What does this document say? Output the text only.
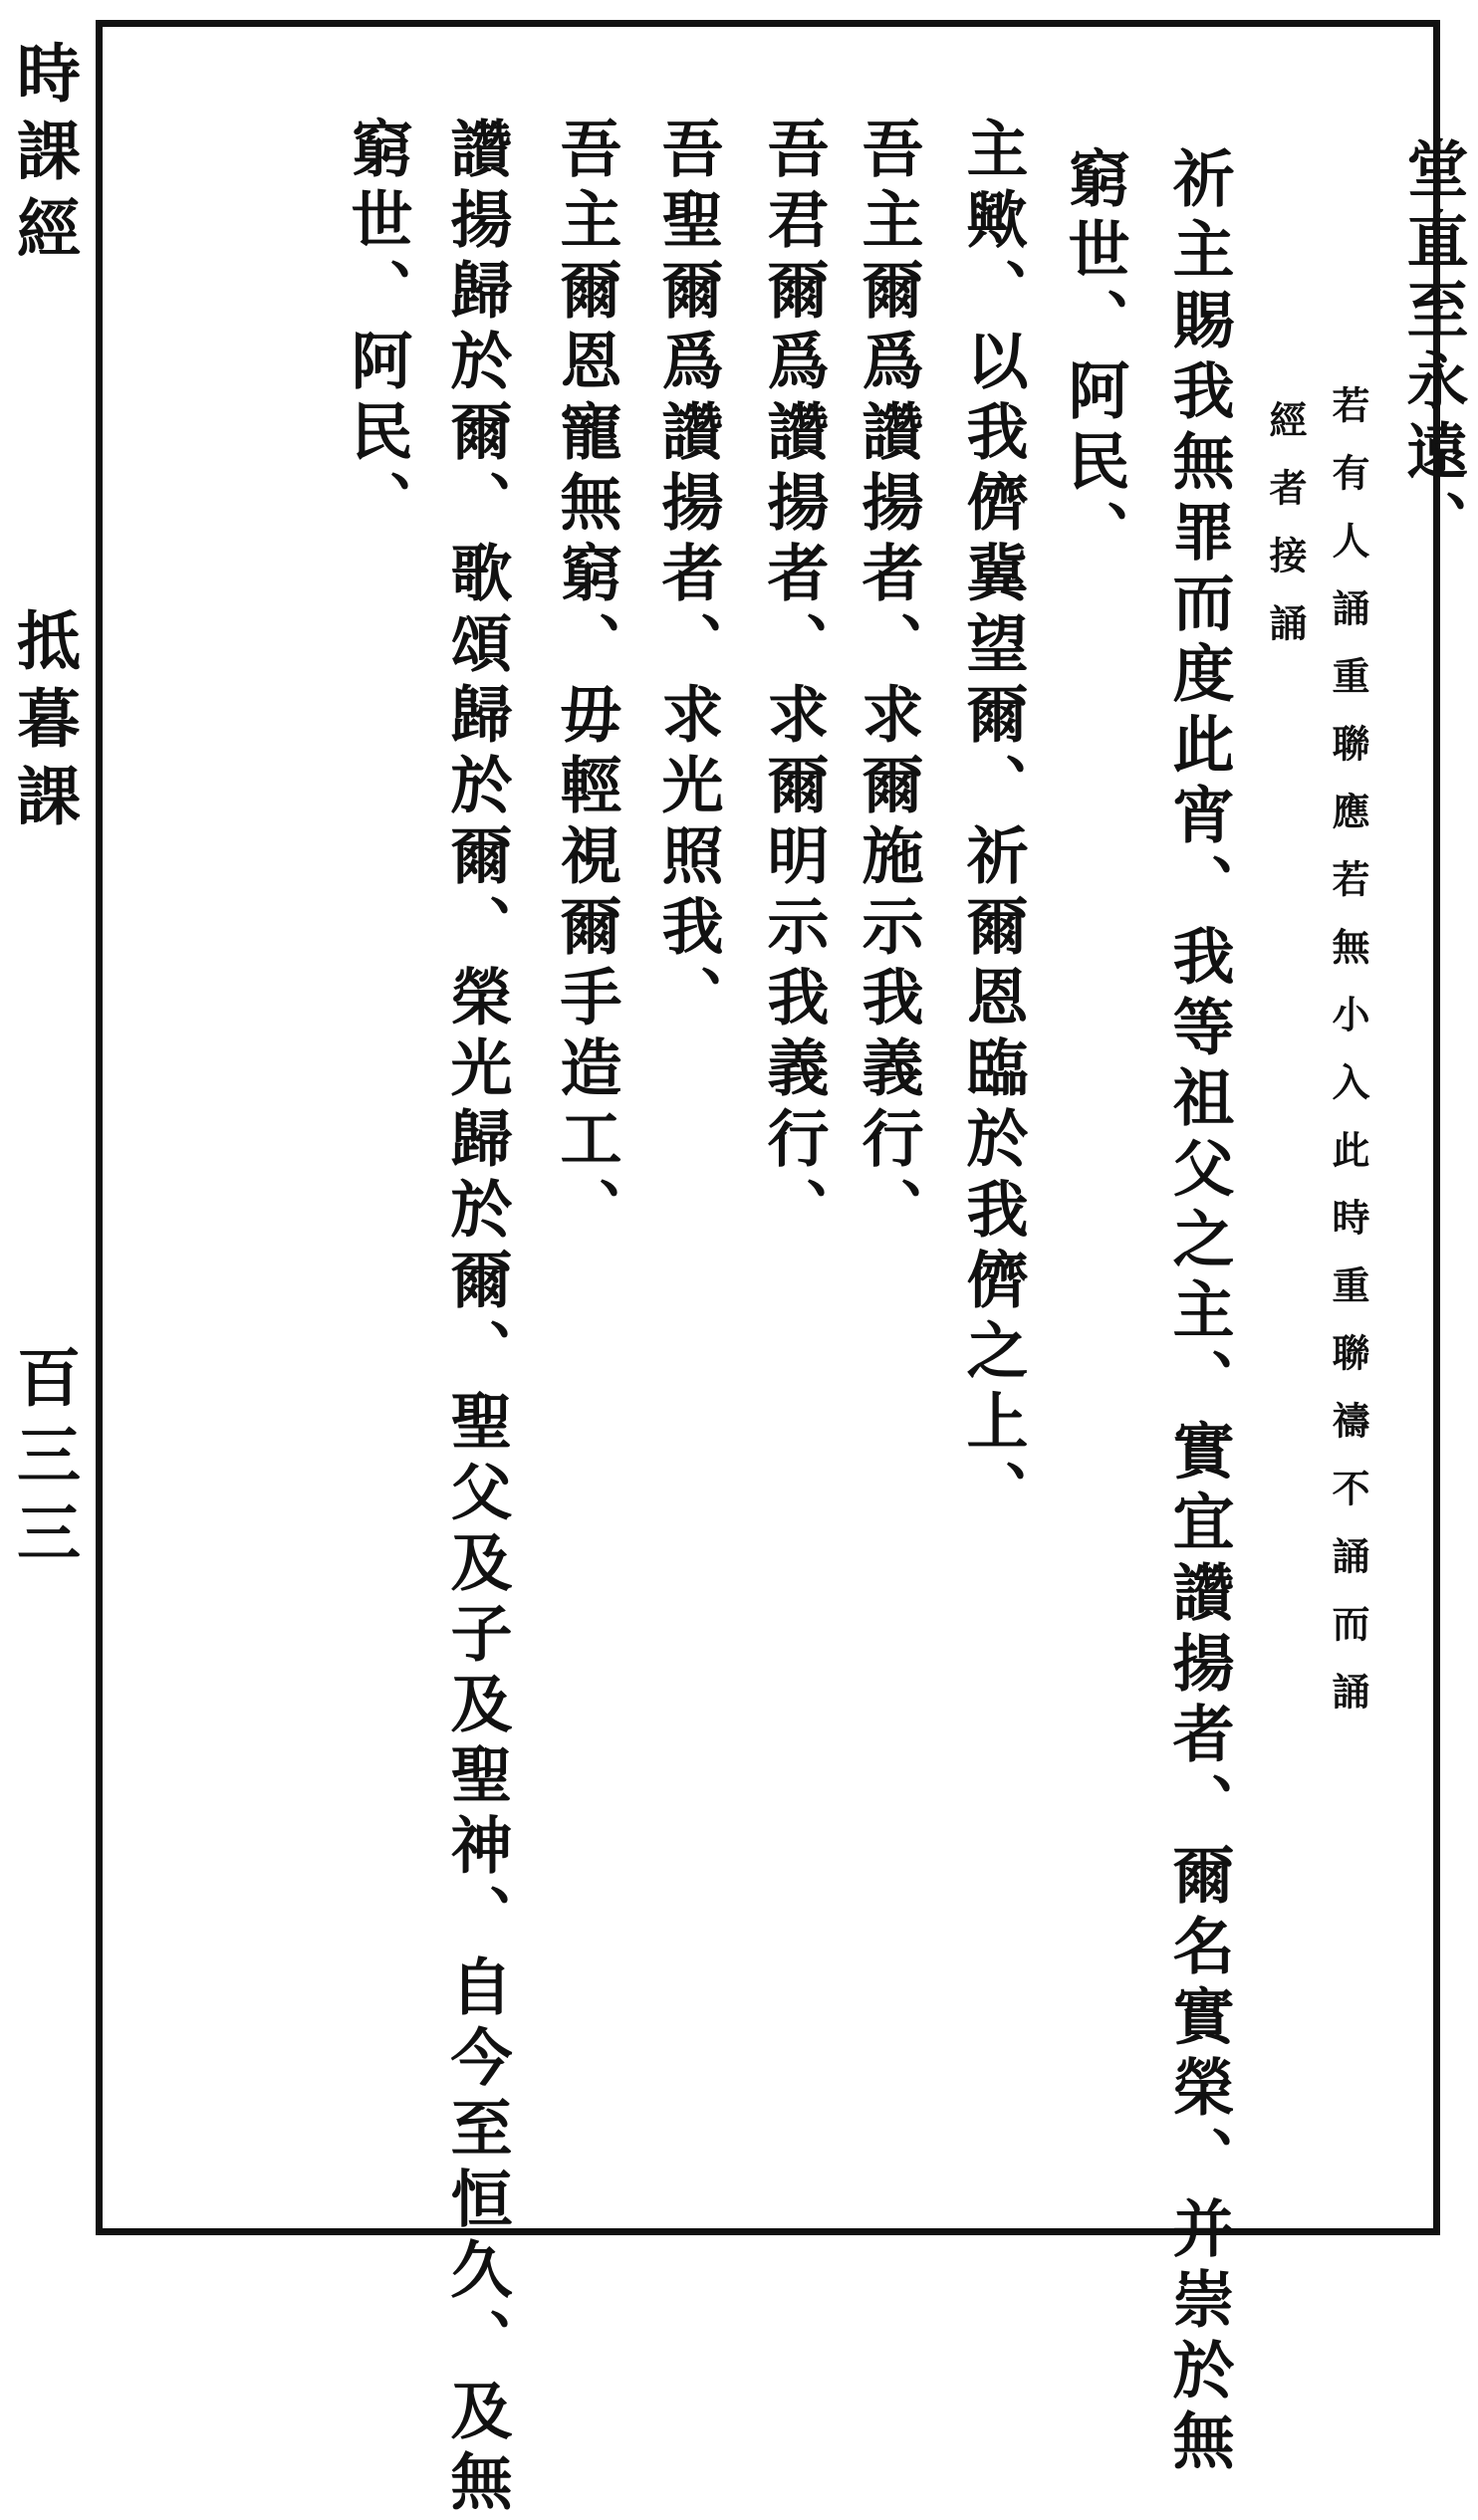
時課經
抵暮課
百三三
堂直至永遠、
若有人誦重聯應若無小入此時重聯禱不誦而誦
經者接誦
祈主賜我無罪而度此宵、我等祖父之主、實宜讚揚者、爾名實榮、并崇於無
窮世、阿民、
主歟、以我儕冀望爾、祈爾恩臨於我儕之上、
吾主爾爲讚揚者、求爾施示我義行、
吾君爾爲讚揚者、求爾明示我義行、
吾聖爾爲讚揚者、求光照我、
吾主爾恩寵無窮、毋輕視爾手造工、
讚揚歸於爾、歌頌歸於爾、榮光歸於爾、聖父及子及聖神、自今至恒久、及無
窮世、阿民、
